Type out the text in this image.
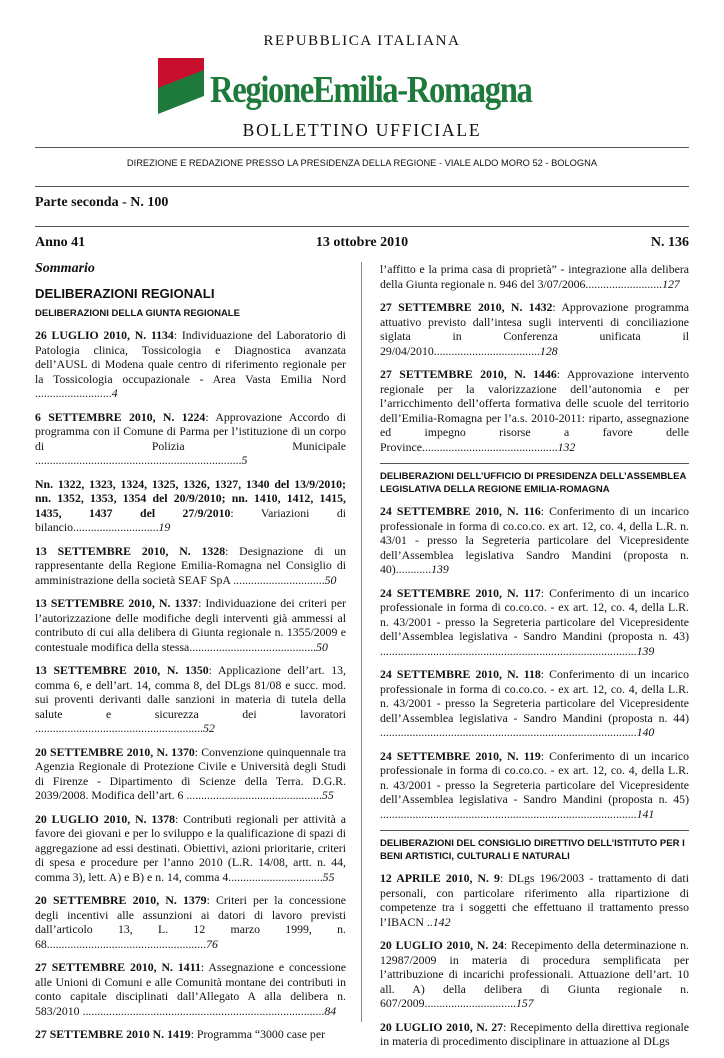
REPUBBLICA ITALIANA
RegioneEmilia-Romagna
BOLLETTINO UFFICIALE
DIREZIONE E REDAZIONE PRESSO LA PRESIDENZA DELLA REGIONE - VIALE ALDO MORO 52 - BOLOGNA
Parte seconda - N. 100
Anno 41	13 ottobre 2010	N. 136
Sommario
DELIBERAZIONI REGIONALI
DELIBERAZIONI DELLA GIUNTA REGIONALE
26 LUGLIO 2010, N. 1134: Individuazione del Laboratorio di Patologia clinica, Tossicologia e Diagnostica avanzata dell’AUSL di Modena quale centro di riferimento regionale per la Tossicologia occupazionale - Area Vasta Emilia Nord ..........................4
6 SETTEMBRE 2010, N. 1224: Approvazione Accordo di programma con il Comune di Parma per l’istituzione di un corpo di Polizia Municipale ......................................................................5
Nn. 1322, 1323, 1324, 1325, 1326, 1327, 1340 del 13/9/2010; nn. 1352, 1353, 1354 del 20/9/2010; nn. 1410, 1412, 1415, 1435, 1437 del 27/9/2010: Variazioni di bilancio.............................19
13 SETTEMBRE 2010, N. 1328: Designazione di un rappresentante della Regione Emilia-Romagna nel Consiglio di amministrazione della società SEAF SpA ...............................50
13 SETTEMBRE 2010, N. 1337: Individuazione dei criteri per l’autorizzazione delle modifiche degli interventi già ammessi al contributo di cui alla delibera di Giunta regionale n. 1355/2009 e contestuale modifica della stessa...........................................50
13 SETTEMBRE 2010, N. 1350: Applicazione dell’art. 13, comma 6, e dell’art. 14, comma 8, del DLgs 81/08 e succ. mod. sui proventi derivanti dalle sanzioni in materia di tutela della salute e sicurezza dei lavoratori .........................................................52
20 SETTEMBRE 2010, N. 1370: Convenzione quinquennale tra Agenzia Regionale di Protezione Civile e Università degli Studi di Firenze - Dipartimento di Scienze della Terra. D.G.R. 2039/2008. Modifica dell’art. 6 ..............................................55
20 LUGLIO 2010, N. 1378: Contributi regionali per attività a favore dei giovani e per lo sviluppo e la qualificazione di spazi di aggregazione ad essi destinati. Obiettivi, azioni prioritarie, criteri di spesa e procedure per l’anno 2010 (L.R. 14/08, artt. n. 44, comma 3), lett. A) e B) e n. 14, comma 4................................55
20 SETTEMBRE 2010, N. 1379: Criteri per la concessione degli incentivi alle assunzioni ai datori di lavoro previsti dall’articolo 13, L. 12 marzo 1999, n. 68......................................................76
27 SETTEMBRE 2010, N. 1411: Assegnazione e concessione alle Unioni di Comuni e alle Comunità montane dei contributi in conto capitale disciplinati dall’Allegato A alla delibera n. 583/2010 ..................................................................................84
27 SETTEMBRE 2010 N. 1419: Programma “3000 case per
l’affitto e la prima casa di proprietà” - integrazione alla delibera della Giunta regionale n. 946 del 3/07/2006..........................127
27 SETTEMBRE 2010, N. 1432: Approvazione programma attuativo previsto dall’intesa sugli interventi di conciliazione siglata in Conferenza unificata il 29/04/2010....................................128
27 SETTEMBRE 2010, N. 1446: Approvazione intervento regionale per la valorizzazione dell’autonomia e per l’arricchimento dell’offerta formativa delle scuole del territorio dell’Emilia-Romagna per l’a.s. 2010-2011: riparto, assegnazione ed impegno risorse a favore delle Province..............................................132
DELIBERAZIONI DELL’UFFICIO DI PRESIDENZA DELL’ASSEMBLEA LEGISLATIVA DELLA REGIONE EMILIA-ROMAGNA
24 SETTEMBRE 2010, N. 116: Conferimento di un incarico professionale in forma di co.co.co. ex art. 12, co. 4, della L.R. n. 43/01 - presso la Segreteria particolare del Vicepresidente dell’Assemblea legislativa Sandro Mandini (proposta n. 40)............139
24 SETTEMBRE 2010, N. 117: Conferimento di un incarico professionale in forma di co.co.co. - ex art. 12, co. 4, della L.R. n. 43/2001 - presso la Segreteria particolare del Vicepresidente dell’Assemblea legislativa - Sandro Mandini (proposta n. 43) .......................................................................................139
24 SETTEMBRE 2010, N. 118: Conferimento di un incarico professionale in forma di co.co.co. - ex art. 12, co. 4, della L.R. n. 43/2001 - presso la Segreteria particolare del Vicepresidente dell’Assemblea legislativa - Sandro Mandini (proposta n. 44) .......................................................................................140
24 SETTEMBRE 2010, N. 119: Conferimento di un incarico professionale in forma di co.co.co. - ex art. 12, co. 4, della L.R. n. 43/2001 - presso la Segreteria particolare del Vicepresidente dell’Assemblea legislativa - Sandro Mandini (proposta n. 45) .......................................................................................141
DELIBERAZIONI DEL CONSIGLIO DIRETTIVO DELL’ISTITUTO PER I BENI ARTISTICI, CULTURALI E NATURALI
12 APRILE 2010, N. 9: DLgs 196/2003 - trattamento di dati personali, con particolare riferimento alla ripartizione di competenze tra i soggetti che effettuano il trattamento presso l’IBACN ..142
20 LUGLIO 2010, N. 24: Recepimento della determinazione n. 12987/2009 in materia di procedura semplificata per l’attribuzione di incarichi professionali. Attuazione dell’art. 10 all. A) della delibera di Giunta regionale n. 607/2009...............................157
20 LUGLIO 2010, N. 27: Recepimento della direttiva regionale in materia di procedimento disciplinare in attuazione al DLgs
